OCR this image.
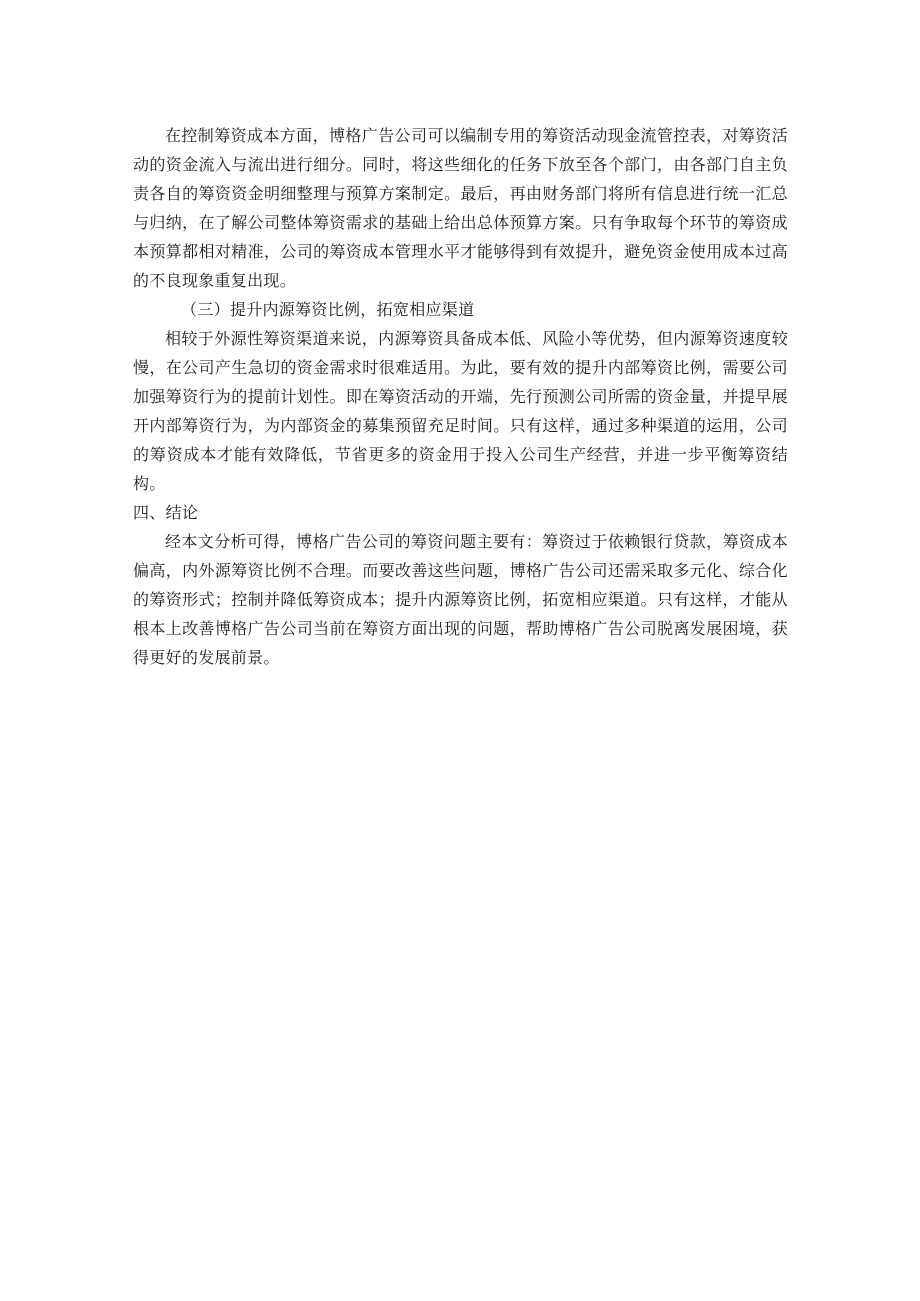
在控制筹资成本方面，博格广告公司可以编制专用的筹资活动现金流管控表，对筹资活动的资金流入与流出进行细分。同时，将这些细化的任务下放至各个部门，由各部门自主负责各自的筹资资金明细整理与预算方案制定。最后，再由财务部门将所有信息进行统一汇总与归纳，在了解公司整体筹资需求的基础上给出总体预算方案。只有争取每个环节的筹资成本预算都相对精准，公司的筹资成本管理水平才能够得到有效提升，避免资金使用成本过高的不良现象重复出现。

（三）提升内源筹资比例，拓宽相应渠道

相较于外源性筹资渠道来说，内源筹资具备成本低、风险小等优势，但内源筹资速度较慢，在公司产生急切的资金需求时很难适用。为此，要有效的提升内部筹资比例，需要公司加强筹资行为的提前计划性。即在筹资活动的开端，先行预测公司所需的资金量，并提早展开内部筹资行为，为内部资金的募集预留充足时间。只有这样，通过多种渠道的运用，公司的筹资成本才能有效降低，节省更多的资金用于投入公司生产经营，并进一步平衡筹资结构。

四、结论

经本文分析可得，博格广告公司的筹资问题主要有：筹资过于依赖银行贷款，筹资成本偏高，内外源筹资比例不合理。而要改善这些问题，博格广告公司还需采取多元化、综合化的筹资形式；控制并降低筹资成本；提升内源筹资比例，拓宽相应渠道。只有这样，才能从根本上改善博格广告公司当前在筹资方面出现的问题，帮助博格广告公司脱离发展困境，获得更好的发展前景。
